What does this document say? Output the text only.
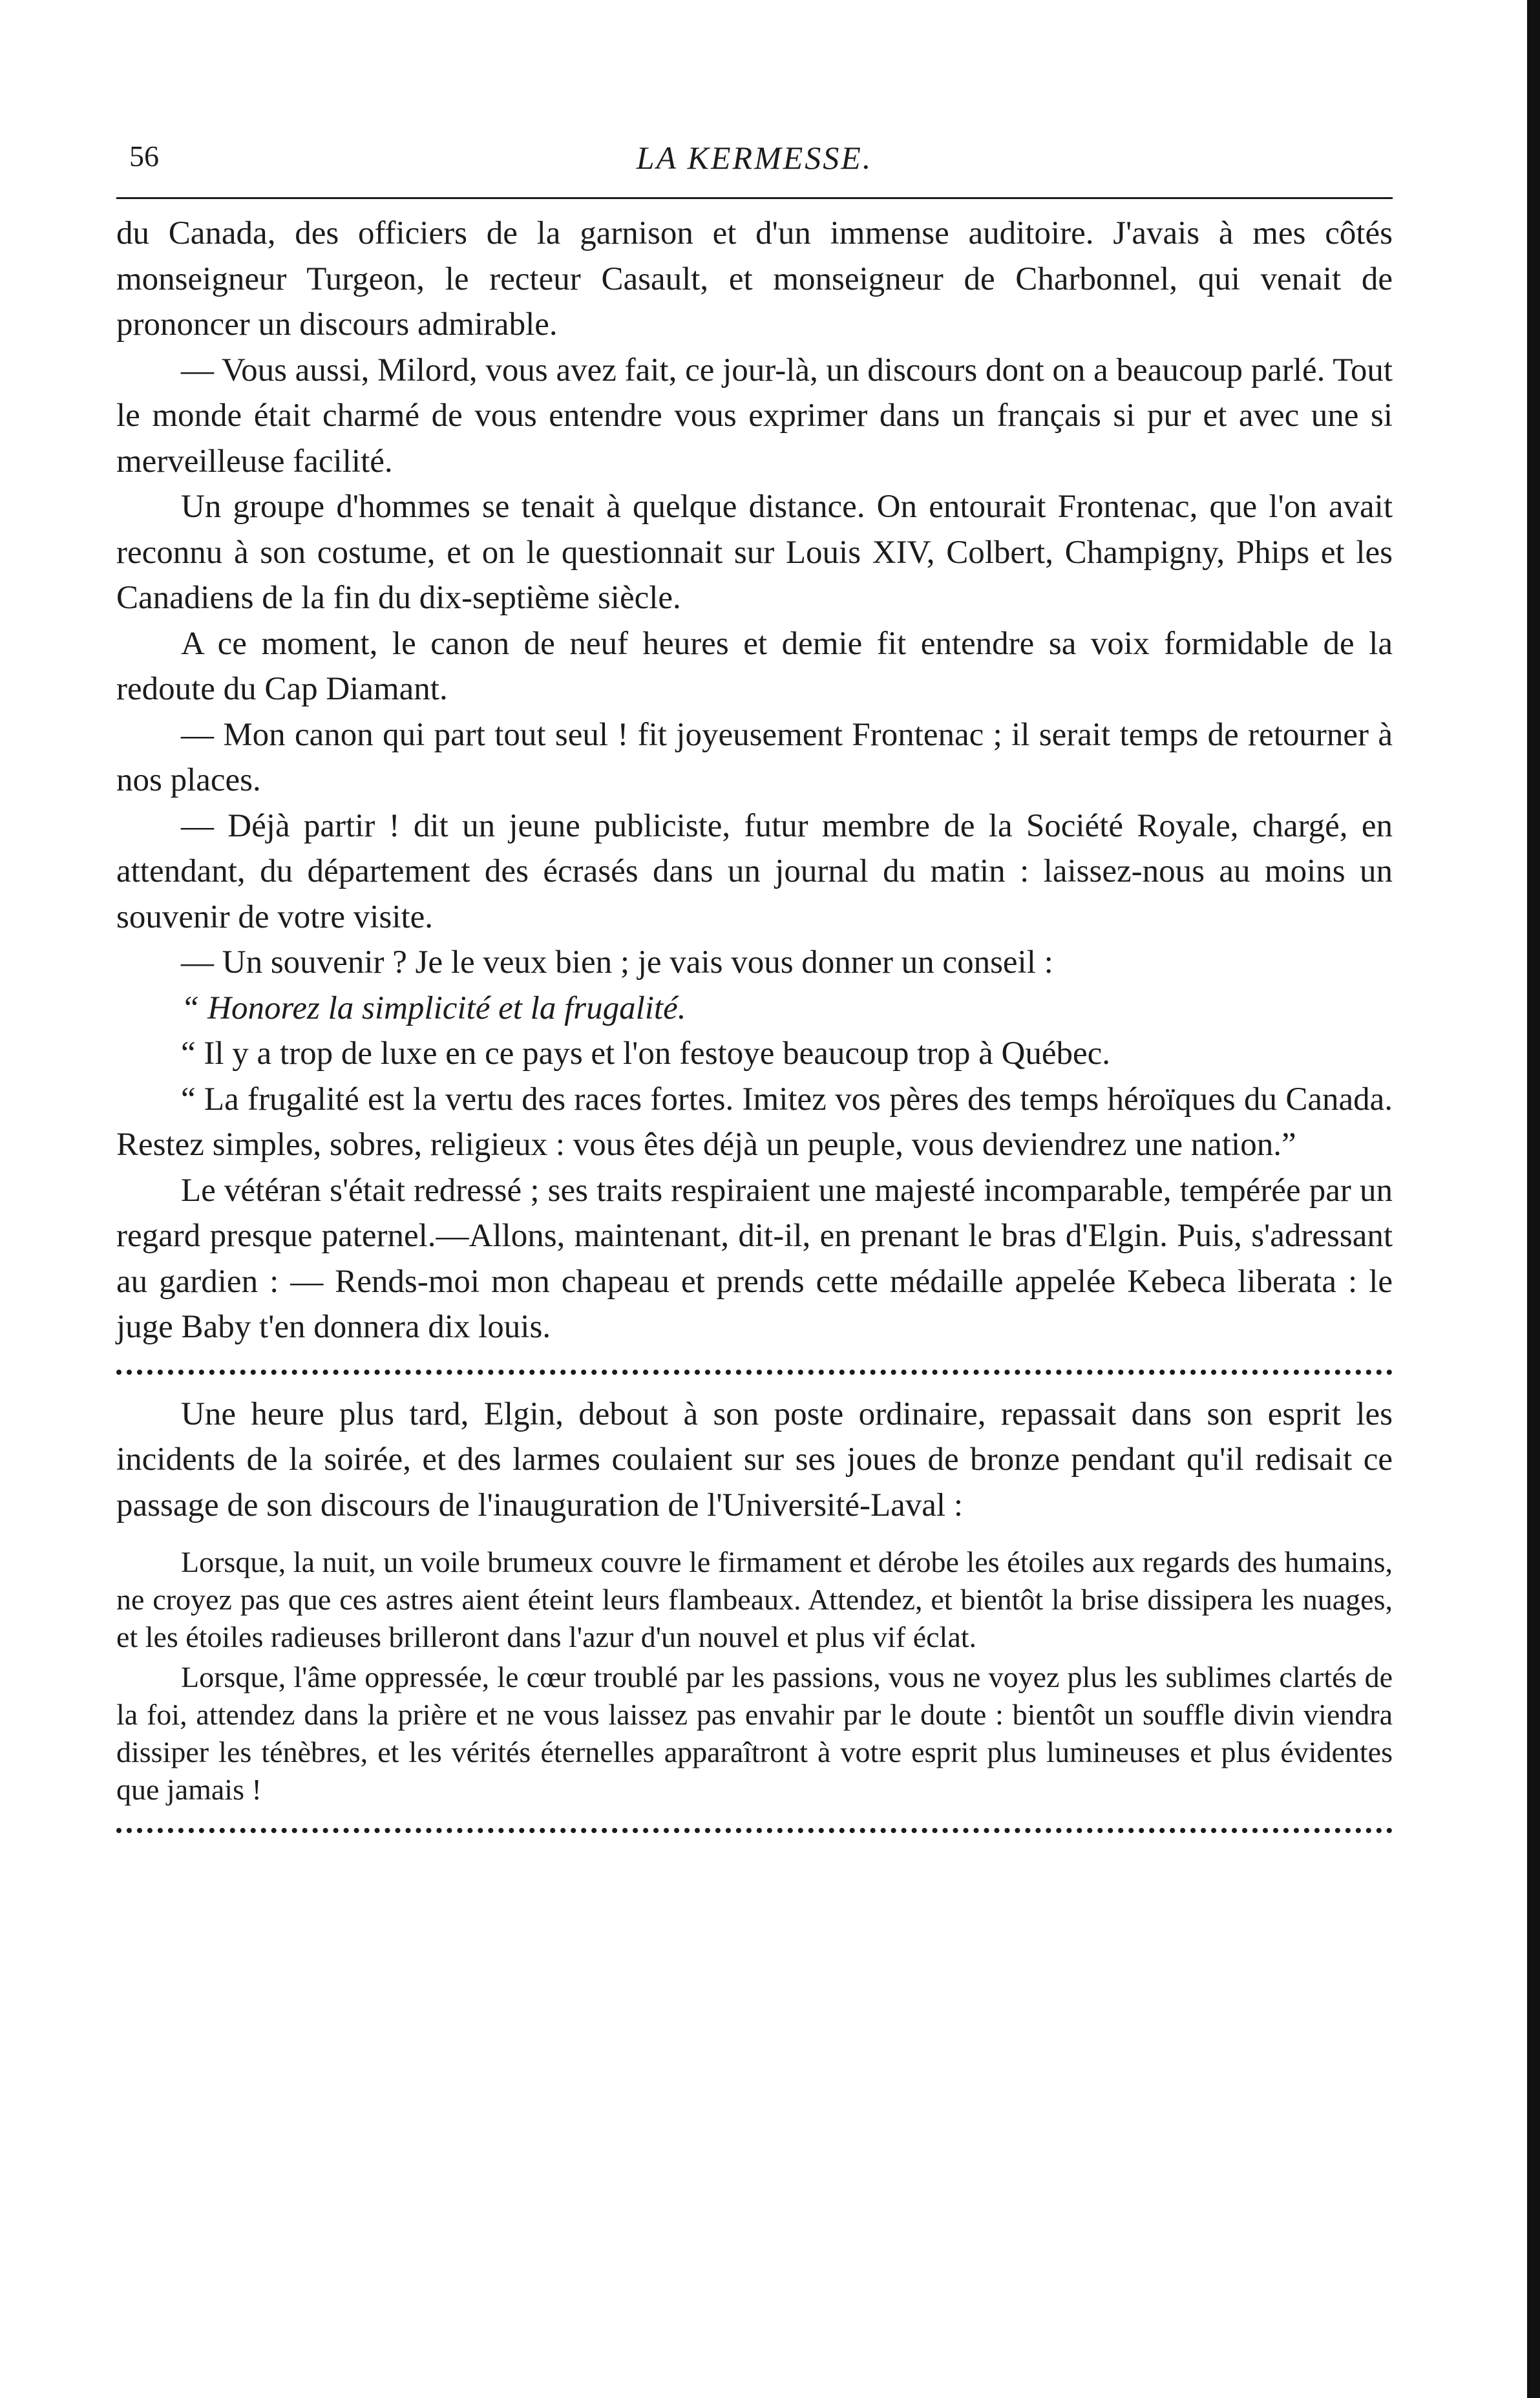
56	LA KERMESSE.

du Canada, des officiers de la garnison et d'un immense auditoire. J'avais à mes côtés monseigneur Turgeon, le recteur Casault, et monseigneur de Charbonnel, qui venait de prononcer un discours admirable.

— Vous aussi, Milord, vous avez fait, ce jour-là, un discours dont on a beaucoup parlé. Tout le monde était charmé de vous entendre vous exprimer dans un français si pur et avec une si merveilleuse facilité.

Un groupe d'hommes se tenait à quelque distance. On entourait Frontenac, que l'on avait reconnu à son costume, et on le questionnait sur Louis XIV, Colbert, Champigny, Phips et les Canadiens de la fin du dix-septième siècle.

A ce moment, le canon de neuf heures et demie fit entendre sa voix formidable de la redoute du Cap Diamant.

— Mon canon qui part tout seul ! fit joyeusement Frontenac ; il serait temps de retourner à nos places.

— Déjà partir ! dit un jeune publiciste, futur membre de la Société Royale, chargé, en attendant, du département des écrasés dans un journal du matin : laissez-nous au moins un souvenir de votre visite.

— Un souvenir ? Je le veux bien ; je vais vous donner un conseil :

“ Honorez la simplicité et la frugalité.

“ Il y a trop de luxe en ce pays et l'on festoye beaucoup trop à Québec.

“ La frugalité est la vertu des races fortes. Imitez vos pères des temps héroïques du Canada. Restez simples, sobres, religieux : vous êtes déjà un peuple, vous deviendrez une nation.”

Le vétéran s'était redressé ; ses traits respiraient une majesté incomparable, tempérée par un regard presque paternel.—Allons, maintenant, dit-il, en prenant le bras d'Elgin. Puis, s'adressant au gardien : — Rends-moi mon chapeau et prends cette médaille appelée Kebeca liberata : le juge Baby t'en donnera dix louis.

Une heure plus tard, Elgin, debout à son poste ordinaire, repassait dans son esprit les incidents de la soirée, et des larmes coulaient sur ses joues de bronze pendant qu'il redisait ce passage de son discours de l'inauguration de l'Université-Laval :

Lorsque, la nuit, un voile brumeux couvre le firmament et dérobe les étoiles aux regards des humains, ne croyez pas que ces astres aient éteint leurs flambeaux. Attendez, et bientôt la brise dissipera les nuages, et les étoiles radieuses brilleront dans l'azur d'un nouvel et plus vif éclat.

Lorsque, l'âme oppressée, le cœur troublé par les passions, vous ne voyez plus les sublimes clartés de la foi, attendez dans la prière et ne vous laissez pas envahir par le doute : bientôt un souffle divin viendra dissiper les ténèbres, et les vérités éternelles apparaîtront à votre esprit plus lumineuses et plus évidentes que jamais !
